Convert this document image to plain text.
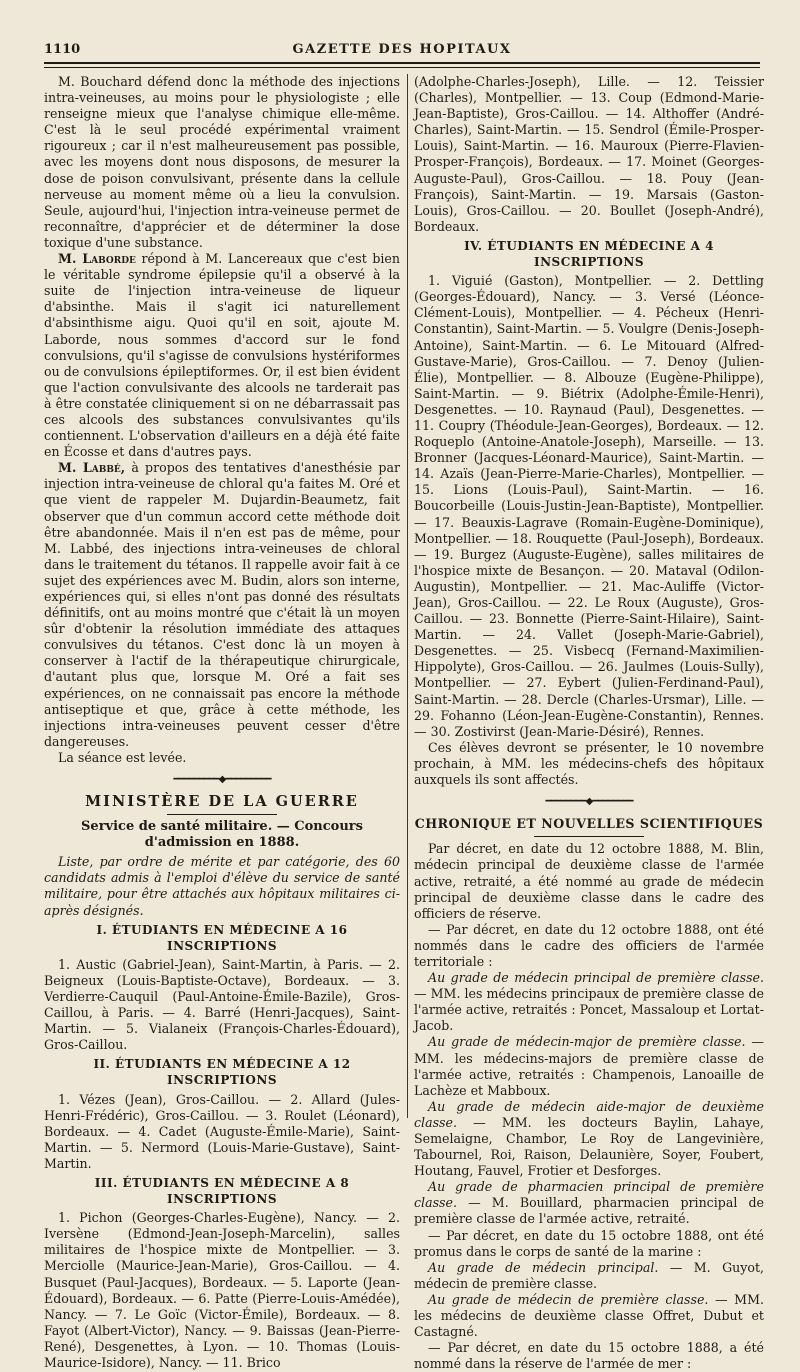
1110	GAZETTE DES HOPITAUX

M. Bouchard défend donc la méthode des injections intra-veineuses, au moins pour le physiologiste ; elle renseigne mieux que l'analyse chimique elle-même. C'est là le seul procédé expérimental vraiment rigoureux ; car il n'est malheureusement pas possible, avec les moyens dont nous disposons, de mesurer la dose de poison convulsivant, présente dans la cellule nerveuse au moment même où a lieu la convulsion. Seule, aujourd'hui, l'injection intra-veineuse permet de reconnaître, d'apprécier et de déterminer la dose toxique d'une substance.

M. Laborde répond à M. Lancereaux que c'est bien le véritable syndrome épilepsie qu'il a observé à la suite de l'injection intra-veineuse de liqueur d'absinthe. Mais il s'agit ici naturellement d'absinthisme aigu. Quoi qu'il en soit, ajoute M. Laborde, nous sommes d'accord sur le fond convulsions, qu'il s'agisse de convulsions hystériformes ou de convulsions épileptiformes. Or, il est bien évident que l'action convulsivante des alcools ne tarderait pas à être constatée cliniquement si on ne débarrassait pas ces alcools des substances convulsivantes qu'ils contiennent. L'observation d'ailleurs en a déjà été faite en Écosse et dans d'autres pays.

M. Labbé, à propos des tentatives d'anesthésie par injection intra-veineuse de chloral qu'a faites M. Oré et que vient de rappeler M. Dujardin-Beaumetz, fait observer que d'un commun accord cette méthode doit être abandonnée. Mais il n'en est pas de même, pour M. Labbé, des injections intra-veineuses de chloral dans le traitement du tétanos. Il rappelle avoir fait à ce sujet des expériences avec M. Budin, alors son interne, expériences qui, si elles n'ont pas donné des résultats définitifs, ont au moins montré que c'était là un moyen sûr d'obtenir la résolution immédiate des attaques convulsives du tétanos. C'est donc là un moyen à conserver à l'actif de la thérapeutique chirurgicale, d'autant plus que, lorsque M. Oré a fait ses expériences, on ne connaissait pas encore la méthode antiseptique et que, grâce à cette méthode, les injections intra-veineuses peuvent cesser d'être dangereuses.

La séance est levée.

━━━━━━━━━◆━━━━━━━━━
MINISTÈRE DE LA GUERRE
Service de santé militaire. — Concours d'admission en 1888.

Liste, par ordre de mérite et par catégorie, des 60 candidats admis à l'emploi d'élève du service de santé militaire, pour être attachés aux hôpitaux militaires ci-après désignés.

I. ÉTUDIANTS EN MÉDECINE A 16 INSCRIPTIONS

1. Austic (Gabriel-Jean), Saint-Martin, à Paris. — 2. Beigneux (Louis-Baptiste-Octave), Bordeaux. — 3. Verdierre-Cauquil (Paul-Antoine-Émile-Bazile), Gros-Caillou, à Paris. — 4. Barré (Henri-Jacques), Saint-Martin. — 5. Vialaneix (François-Charles-Édouard), Gros-Caillou.

II. ÉTUDIANTS EN MÉDECINE A 12 INSCRIPTIONS

1. Vézes (Jean), Gros-Caillou. — 2. Allard (Jules-Henri-Frédéric), Gros-Caillou. — 3. Roulet (Léonard), Bordeaux. — 4. Cadet (Auguste-Émile-Marie), Saint-Martin. — 5. Nermord (Louis-Marie-Gustave), Saint-Martin.

III. ÉTUDIANTS EN MÉDECINE A 8 INSCRIPTIONS

1. Pichon (Georges-Charles-Eugène), Nancy. — 2. Iversène (Edmond-Jean-Joseph-Marcelin), salles militaires de l'hospice mixte de Montpellier. — 3. Merciolle (Maurice-Jean-Marie), Gros-Caillou. — 4. Busquet (Paul-Jacques), Bordeaux. — 5. Laporte (Jean-Édouard), Bordeaux. — 6. Patte (Pierre-Louis-Amédée), Nancy. — 7. Le Goïc (Victor-Émile), Bordeaux. — 8. Fayot (Albert-Victor), Nancy. — 9. Baissas (Jean-Pierre-René), Desgenettes, à Lyon. — 10. Thomas (Louis-Maurice-Isidore), Nancy. — 11. Brico

(Adolphe-Charles-Joseph), Lille. — 12. Teissier (Charles), Montpellier. — 13. Coup (Edmond-Marie-Jean-Baptiste), Gros-Caillou. — 14. Althoffer (André-Charles), Saint-Martin. — 15. Sendrol (Émile-Prosper-Louis), Saint-Martin. — 16. Mauroux (Pierre-Flavien-Prosper-François), Bordeaux. — 17. Moinet (Georges-Auguste-Paul), Gros-Caillou. — 18. Pouy (Jean-François), Saint-Martin. — 19. Marsais (Gaston-Louis), Gros-Caillou. — 20. Boullet (Joseph-André), Bordeaux.

IV. ÉTUDIANTS EN MÉDECINE A 4 INSCRIPTIONS

1. Viguié (Gaston), Montpellier. — 2. Dettling (Georges-Édouard), Nancy. — 3. Versé (Léonce-Clément-Louis), Montpellier. — 4. Pécheux (Henri-Constantin), Saint-Martin. — 5. Voulgre (Denis-Joseph-Antoine), Saint-Martin. — 6. Le Mitouard (Alfred-Gustave-Marie), Gros-Caillou. — 7. Denoy (Julien-Élie), Montpellier. — 8. Albouze (Eugène-Philippe), Saint-Martin. — 9. Biétrix (Adolphe-Émile-Henri), Desgenettes. — 10. Raynaud (Paul), Desgenettes. — 11. Coupry (Théodule-Jean-Georges), Bordeaux. — 12. Roqueplo (Antoine-Anatole-Joseph), Marseille. — 13. Bronner (Jacques-Léonard-Maurice), Saint-Martin. — 14. Azaïs (Jean-Pierre-Marie-Charles), Montpellier. — 15. Lions (Louis-Paul), Saint-Martin. — 16. Boucorbeille (Louis-Justin-Jean-Baptiste), Montpellier. — 17. Beauxis-Lagrave (Romain-Eugène-Dominique), Montpellier. — 18. Rouquette (Paul-Joseph), Bordeaux. — 19. Burgez (Auguste-Eugène), salles militaires de l'hospice mixte de Besançon. — 20. Mataval (Odilon-Augustin), Montpellier. — 21. Mac-Auliffe (Victor-Jean), Gros-Caillou. — 22. Le Roux (Auguste), Gros-Caillou. — 23. Bonnette (Pierre-Saint-Hilaire), Saint-Martin. — 24. Vallet (Joseph-Marie-Gabriel), Desgenettes. — 25. Visbecq (Fernand-Maximilien-Hippolyte), Gros-Caillou. — 26. Jaulmes (Louis-Sully), Montpellier. — 27. Eybert (Julien-Ferdinand-Paul), Saint-Martin. — 28. Dercle (Charles-Ursmar), Lille. — 29. Fohanno (Léon-Jean-Eugène-Constantin), Rennes. — 30. Zostivirst (Jean-Marie-Désiré), Rennes.

Ces élèves devront se présenter, le 10 novembre prochain, à MM. les médecins-chefs des hôpitaux auxquels ils sont affectés.

━━━━━━━━◆━━━━━━━━
CHRONIQUE ET NOUVELLES SCIENTIFIQUES

Par décret, en date du 12 octobre 1888, M. Blin, médecin principal de deuxième classe de l'armée active, retraité, a été nommé au grade de médecin principal de deuxième classe dans le cadre des officiers de réserve.

— Par décret, en date du 12 octobre 1888, ont été nommés dans le cadre des officiers de l'armée territoriale :

Au grade de médecin principal de première classe. — MM. les médecins principaux de première classe de l'armée active, retraités : Poncet, Massaloup et Lortat-Jacob.

Au grade de médecin-major de première classe. — MM. les médecins-majors de première classe de l'armée active, retraités : Champenois, Lanoaille de Lachèze et Mabboux.

Au grade de médecin aide-major de deuxième classe. — MM. les docteurs Baylin, Lahaye, Semelaigne, Chambor, Le Roy de Langevinière, Tabournel, Roi, Raison, Delaunière, Soyer, Foubert, Houtang, Fauvel, Frotier et Desforges.

Au grade de pharmacien principal de première classe. — M. Bouillard, pharmacien principal de première classe de l'armée active, retraité.

— Par décret, en date du 15 octobre 1888, ont été promus dans le corps de santé de la marine :

Au grade de médecin principal. — M. Guyot, médecin de première classe.

Au grade de médecin de première classe. — MM. les médecins de deuxième classe Offret, Dubut et Castagné.

— Par décret, en date du 15 octobre 1888, a été nommé dans la réserve de l'armée de mer :
